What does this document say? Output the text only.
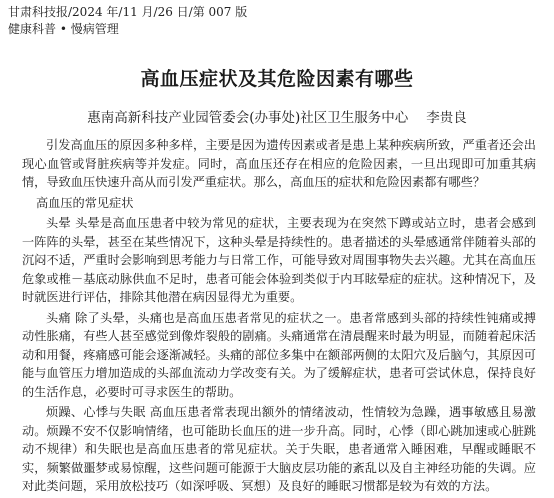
甘肃科技报/2024 年/11 月/26 日/第 007 版
健康科普 • 慢病管理
高血压症状及其危险因素有哪些
惠南高新科技产业园管委会(办事处)社区卫生服务中心 李贵良

引发高血压的原因多种多样，主要是因为遗传因素或者是患上某种疾病所致，严重者还会出现心血管或肾脏疾病等并发症。同时，高血压还存在相应的危险因素，一旦出现即可加重其病情，导致血压快速升高从而引发严重症状。那么，高血压的症状和危险因素都有哪些？

高血压的常见症状

头晕 头晕是高血压患者中较为常见的症状，主要表现为在突然下蹲或站立时，患者会感到一阵阵的头晕，甚至在某些情况下，这种头晕是持续性的。患者描述的头晕感通常伴随着头部的沉闷不适，严重时会影响到思考能力与日常工作，可能导致对周围事物失去兴趣。尤其在高血压危象或椎－基底动脉供血不足时，患者可能会体验到类似于内耳眩晕症的症状。这种情况下，及时就医进行评估，排除其他潜在病因显得尤为重要。

头痛 除了头晕，头痛也是高血压患者常见的症状之一。患者常感到头部的持续性钝痛或搏动性胀痛，有些人甚至感觉到像炸裂般的剧痛。头痛通常在清晨醒来时最为明显，而随着起床活动和用餐，疼痛感可能会逐渐减轻。头痛的部位多集中在额部两侧的太阳穴及后脑勺，其原因可能与血管压力增加造成的头部血流动力学改变有关。为了缓解症状，患者可尝试休息，保持良好的生活作息，必要时可寻求医生的帮助。

烦躁、心悸与失眠 高血压患者常表现出额外的情绪波动，性情较为急躁，遇事敏感且易激动。烦躁不安不仅影响情绪，也可能助长血压的进一步升高。同时，心悸（即心跳加速或心脏跳动不规律）和失眠也是高血压患者的常见症状。关于失眠，患者通常入睡困难，早醒或睡眠不实，频繁做噩梦或易惊醒，这些问题可能源于大脑皮层功能的紊乱以及自主神经功能的失调。应对此类问题，采用放松技巧（如深呼吸、冥想）及良好的睡眠习惯都是较为有效的方法。
